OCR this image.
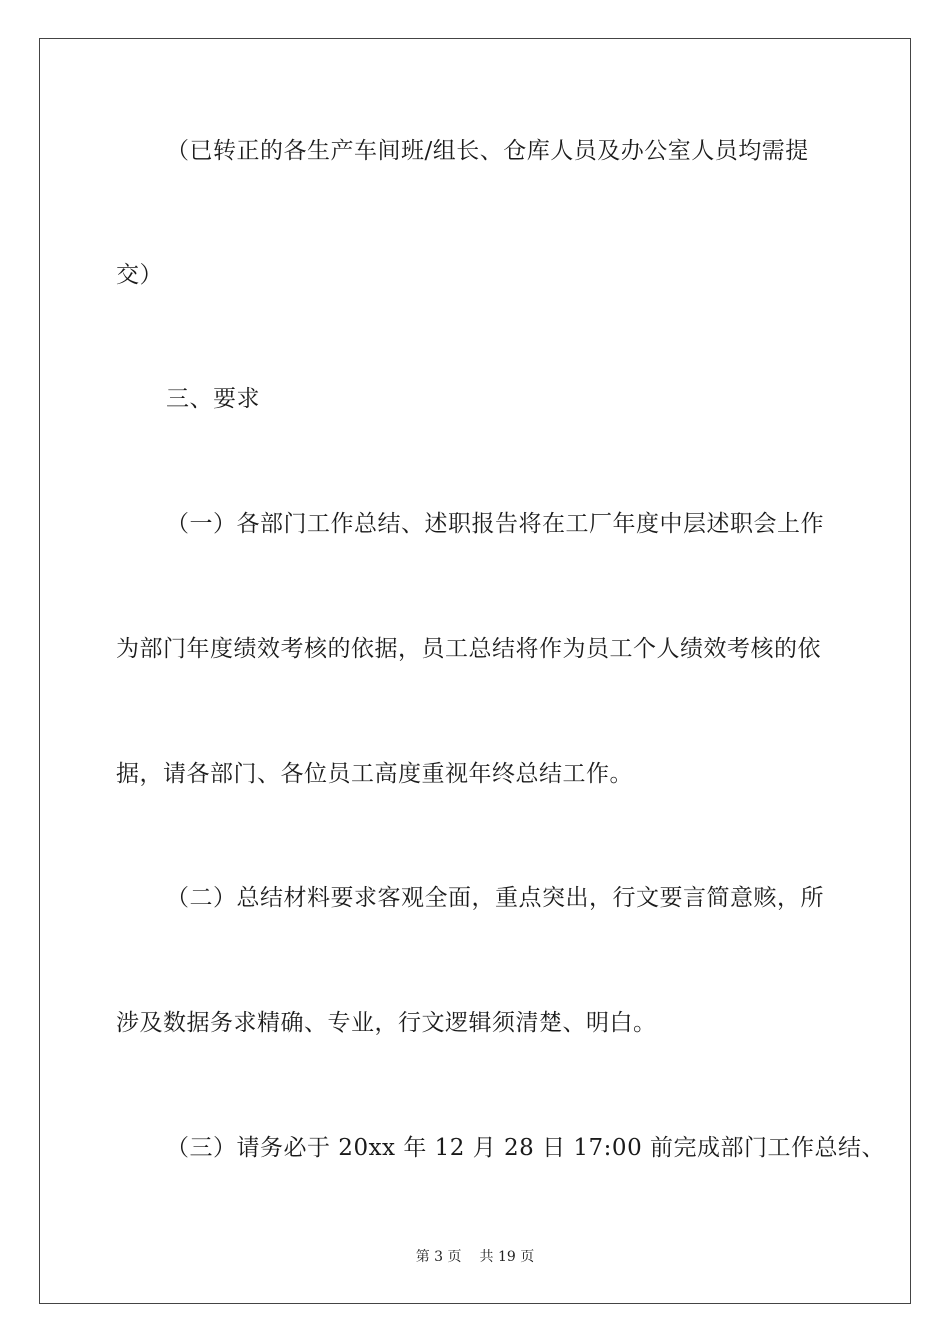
（已转正的各生产车间班/组长、仓库人员及办公室人员均需提
交）
三、要求
（一）各部门工作总结、述职报告将在工厂年度中层述职会上作
为部门年度绩效考核的依据，员工总结将作为员工个人绩效考核的依
据，请各部门、各位员工高度重视年终总结工作。
（二）总结材料要求客观全面，重点突出，行文要言简意赅，所
涉及数据务求精确、专业，行文逻辑须清楚、明白。
（三）请务必于 20xx 年 12 月 28 日 17:00 前完成部门工作总结、
第 3 页 共 19 页
